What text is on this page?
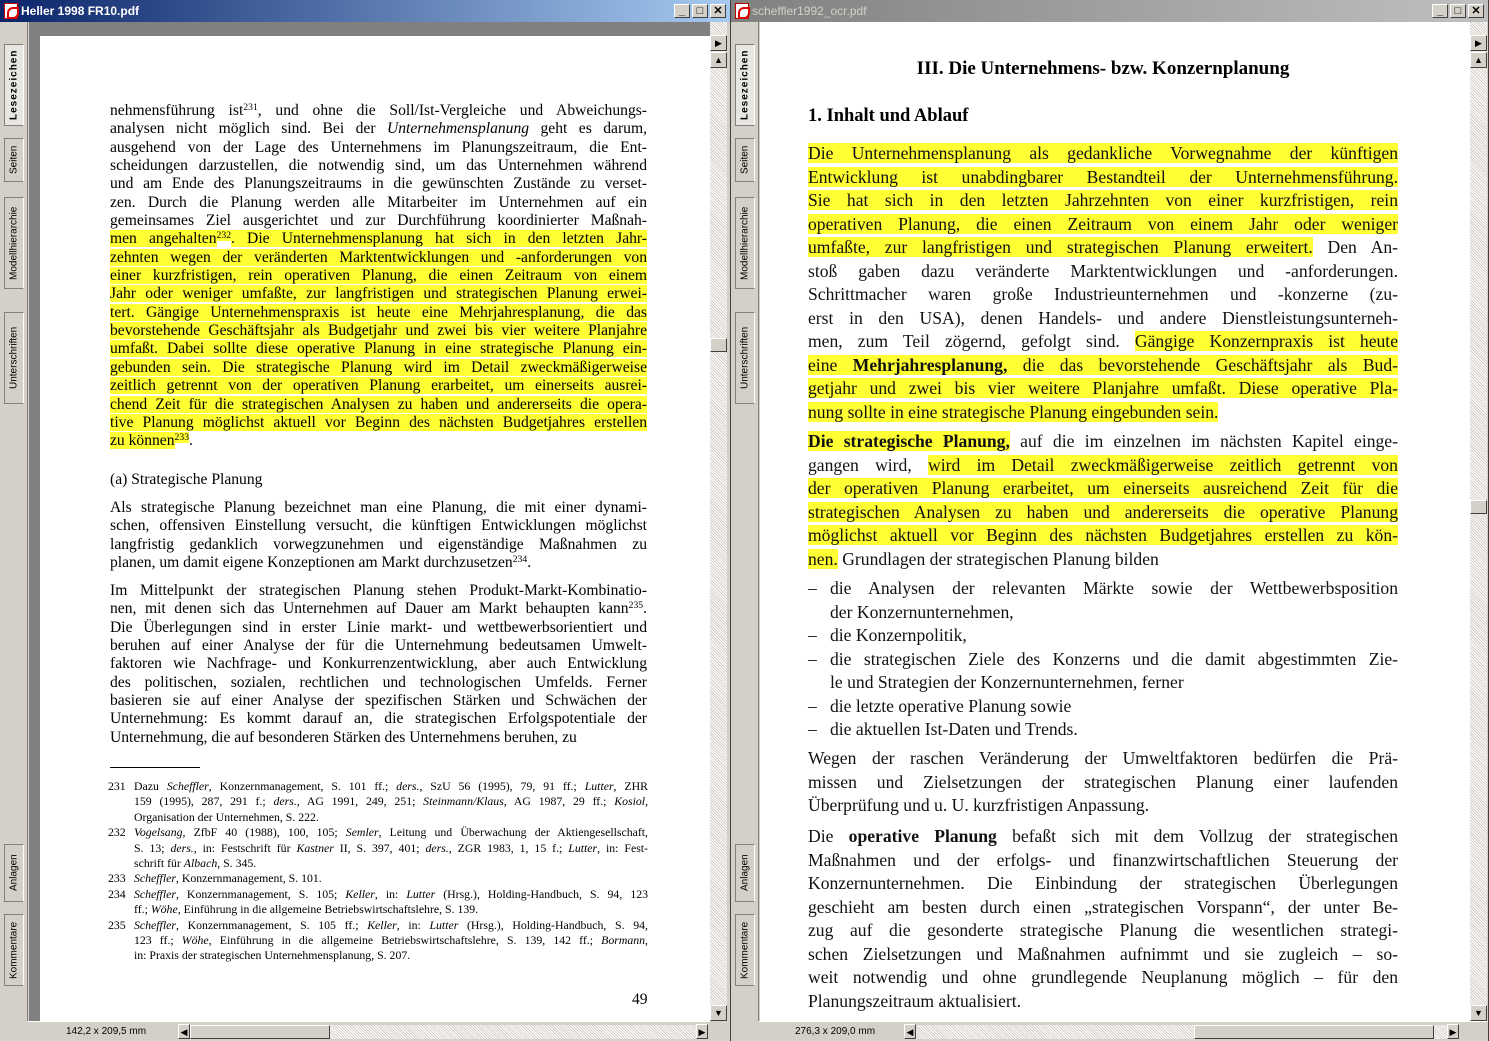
Heller 1998 FR10.pdf	_	□ ✕
Lesezeichen
Seiten
Modellhierarchie
Unterschriften
Anlagen
Kommentare
nehmensführung ist$^{231}$, und ohne die Soll/Ist-Vergleiche und Abweichungs-
analysen nicht möglich sind. Bei der Unternehmensplanung geht es darum,
ausgehend von der Lage des Unternehmens im Planungszeitraum, die Ent-
scheidungen darzustellen, die notwendig sind, um das Unternehmen während
und am Ende des Planungszeitraums in die gewünschten Zustände zu verset-
zen. Durch die Planung werden alle Mitarbeiter im Unternehmen auf ein
gemeinsames Ziel ausgerichtet und zur Durchführung koordinierter Maßnah-
men angehalten$^{232}$. Die Unternehmensplanung hat sich in den letzten Jahr-
zehnten wegen der veränderten Marktentwicklungen und -anforderungen von
einer kurzfristigen, rein operativen Planung, die einen Zeitraum von einem
Jahr oder weniger umfaßte, zur langfristigen und strategischen Planung erwei-
tert. Gängige Unternehmenspraxis ist heute eine Mehrjahresplanung, die das
bevorstehende Geschäftsjahr als Budgetjahr und zwei bis vier weitere Planjahre
umfaßt. Dabei sollte diese operative Planung in eine strategische Planung ein-
gebunden sein. Die strategische Planung wird im Detail zweckmäßigerweise
zeitlich getrennt von der operativen Planung erarbeitet, um einerseits ausrei-
chend Zeit für die strategischen Analysen zu haben und andererseits die opera-
tive Planung möglichst aktuell vor Beginn des nächsten Budgetjahres erstellen
zu können$^{233}$.
(a) Strategische Planung
Als strategische Planung bezeichnet man eine Planung, die mit einer dynami-
schen, offensiven Einstellung versucht, die künftigen Entwicklungen möglichst
langfristig gedanklich vorwegzunehmen und eigenständige Maßnahmen zu
planen, um damit eigene Konzeptionen am Markt durchzusetzen$^{234}$.
Im Mittelpunkt der strategischen Planung stehen Produkt-Markt-Kombinatio-
nen, mit denen sich das Unternehmen auf Dauer am Markt behaupten kann$^{235}$.
Die Überlegungen sind in erster Linie markt- und wettbewerbsorientiert und
beruhen auf einer Analyse der für die Unternehmung bedeutsamen Umwelt-
faktoren wie Nachfrage- und Konkurrenzentwicklung, aber auch Entwicklung
des politischen, sozialen, rechtlichen und technologischen Umfelds. Ferner
basieren sie auf einer Analyse der spezifischen Stärken und Schwächen der
Unternehmung: Es kommt darauf an, die strategischen Erfolgspotentiale der
Unternehmung, die auf besonderen Stärken des Unternehmens beruhen, zu
231 Dazu Scheffler, Konzernmanagement, S. 101 ff.; ders., SzU 56 (1995), 79, 91 ff.; Lutter, ZHR
159 (1995), 287, 291 f.; ders., AG 1991, 249, 251; Steinmann/Klaus, AG 1987, 29 ff.; Kosiol,
Organisation der Unternehmen, S. 222.
232 Vogelsang, ZfbF 40 (1988), 100, 105; Semler, Leitung und Überwachung der Aktiengesellschaft,
S. 13; ders., in: Festschrift für Kastner II, S. 397, 401; ders., ZGR 1983, 1, 15 f.; Lutter, in: Fest-
schrift für Albach, S. 345.
233 Scheffler, Konzernmanagement, S. 101.
234 Scheffler, Konzernmanagement, S. 105; Keller, in: Lutter (Hrsg.), Holding-Handbuch, S. 94, 123
ff.; Wöhe, Einführung in die allgemeine Betriebswirtschaftslehre, S. 139.
235 Scheffler, Konzernmanagement, S. 105 ff.; Keller, in: Lutter (Hrsg.), Holding-Handbuch, S. 94,
123 ff.; Wöhe, Einführung in die allgemeine Betriebswirtschaftslehre, S. 139, 142 ff.; Bormann,
in: Praxis der strategischen Unternehmensplanung, S. 207.
49
▶
▲
▼
142,2 x 209,5 mm	◀	▶
scheffler1992_ocr.pdf	_	□ ✕
Lesezeichen
Seiten
Modellhierarchie
Unterschriften
Anlagen
Kommentare
III. Die Unternehmens- bzw. Konzernplanung
1. Inhalt und Ablauf
Die Unternehmensplanung als gedankliche Vorwegnahme der künftigen
Entwicklung ist unabdingbarer Bestandteil der Unternehmensführung.
Sie hat sich in den letzten Jahrzehnten von einer kurzfristigen, rein
operativen Planung, die einen Zeitraum von einem Jahr oder weniger
umfaßte, zur langfristigen und strategischen Planung erweitert. Den An-
stoß gaben dazu veränderte Marktentwicklungen und -anforderungen.
Schrittmacher waren große Industrieunternehmen und -konzerne (zu-
erst in den USA), denen Handels- und andere Dienstleistungsunterneh-
men, zum Teil zögernd, gefolgt sind. Gängige Konzernpraxis ist heute
eine Mehrjahresplanung, die das bevorstehende Geschäftsjahr als Bud-
getjahr und zwei bis vier weitere Planjahre umfaßt. Diese operative Pla-
nung sollte in eine strategische Planung eingebunden sein.
Die strategische Planung, auf die im einzelnen im nächsten Kapitel einge-
gangen wird, wird im Detail zweckmäßigerweise zeitlich getrennt von
der operativen Planung erarbeitet, um einerseits ausreichend Zeit für die
strategischen Analysen zu haben und andererseits die operative Planung
möglichst aktuell vor Beginn des nächsten Budgetjahres erstellen zu kön-
nen. Grundlagen der strategischen Planung bilden
– die Analysen der relevanten Märkte sowie der Wettbewerbsposition
der Konzernunternehmen,
– die Konzernpolitik,
– die strategischen Ziele des Konzerns und die damit abgestimmten Zie-
le und Strategien der Konzernunternehmen, ferner
– die letzte operative Planung sowie
– die aktuellen Ist-Daten und Trends.
Wegen der raschen Veränderung der Umweltfaktoren bedürfen die Prä-
missen und Zielsetzungen der strategischen Planung einer laufenden
Überprüfung und u. U. kurzfristigen Anpassung.
Die operative Planung befaßt sich mit dem Vollzug der strategischen
Maßnahmen und der erfolgs- und finanzwirtschaftlichen Steuerung der
Konzernunternehmen. Die Einbindung der strategischen Überlegungen
geschieht am besten durch einen „strategischen Vorspann“, der unter Be-
zug auf die gesonderte strategische Planung die wesentlichen strategi-
schen Zielsetzungen und Maßnahmen aufnimmt und sie zugleich – so-
weit notwendig und ohne grundlegende Neuplanung möglich – für den
Planungszeitraum aktualisiert.
▶
▲
▼
276,3 x 209,0 mm	◀	▶
